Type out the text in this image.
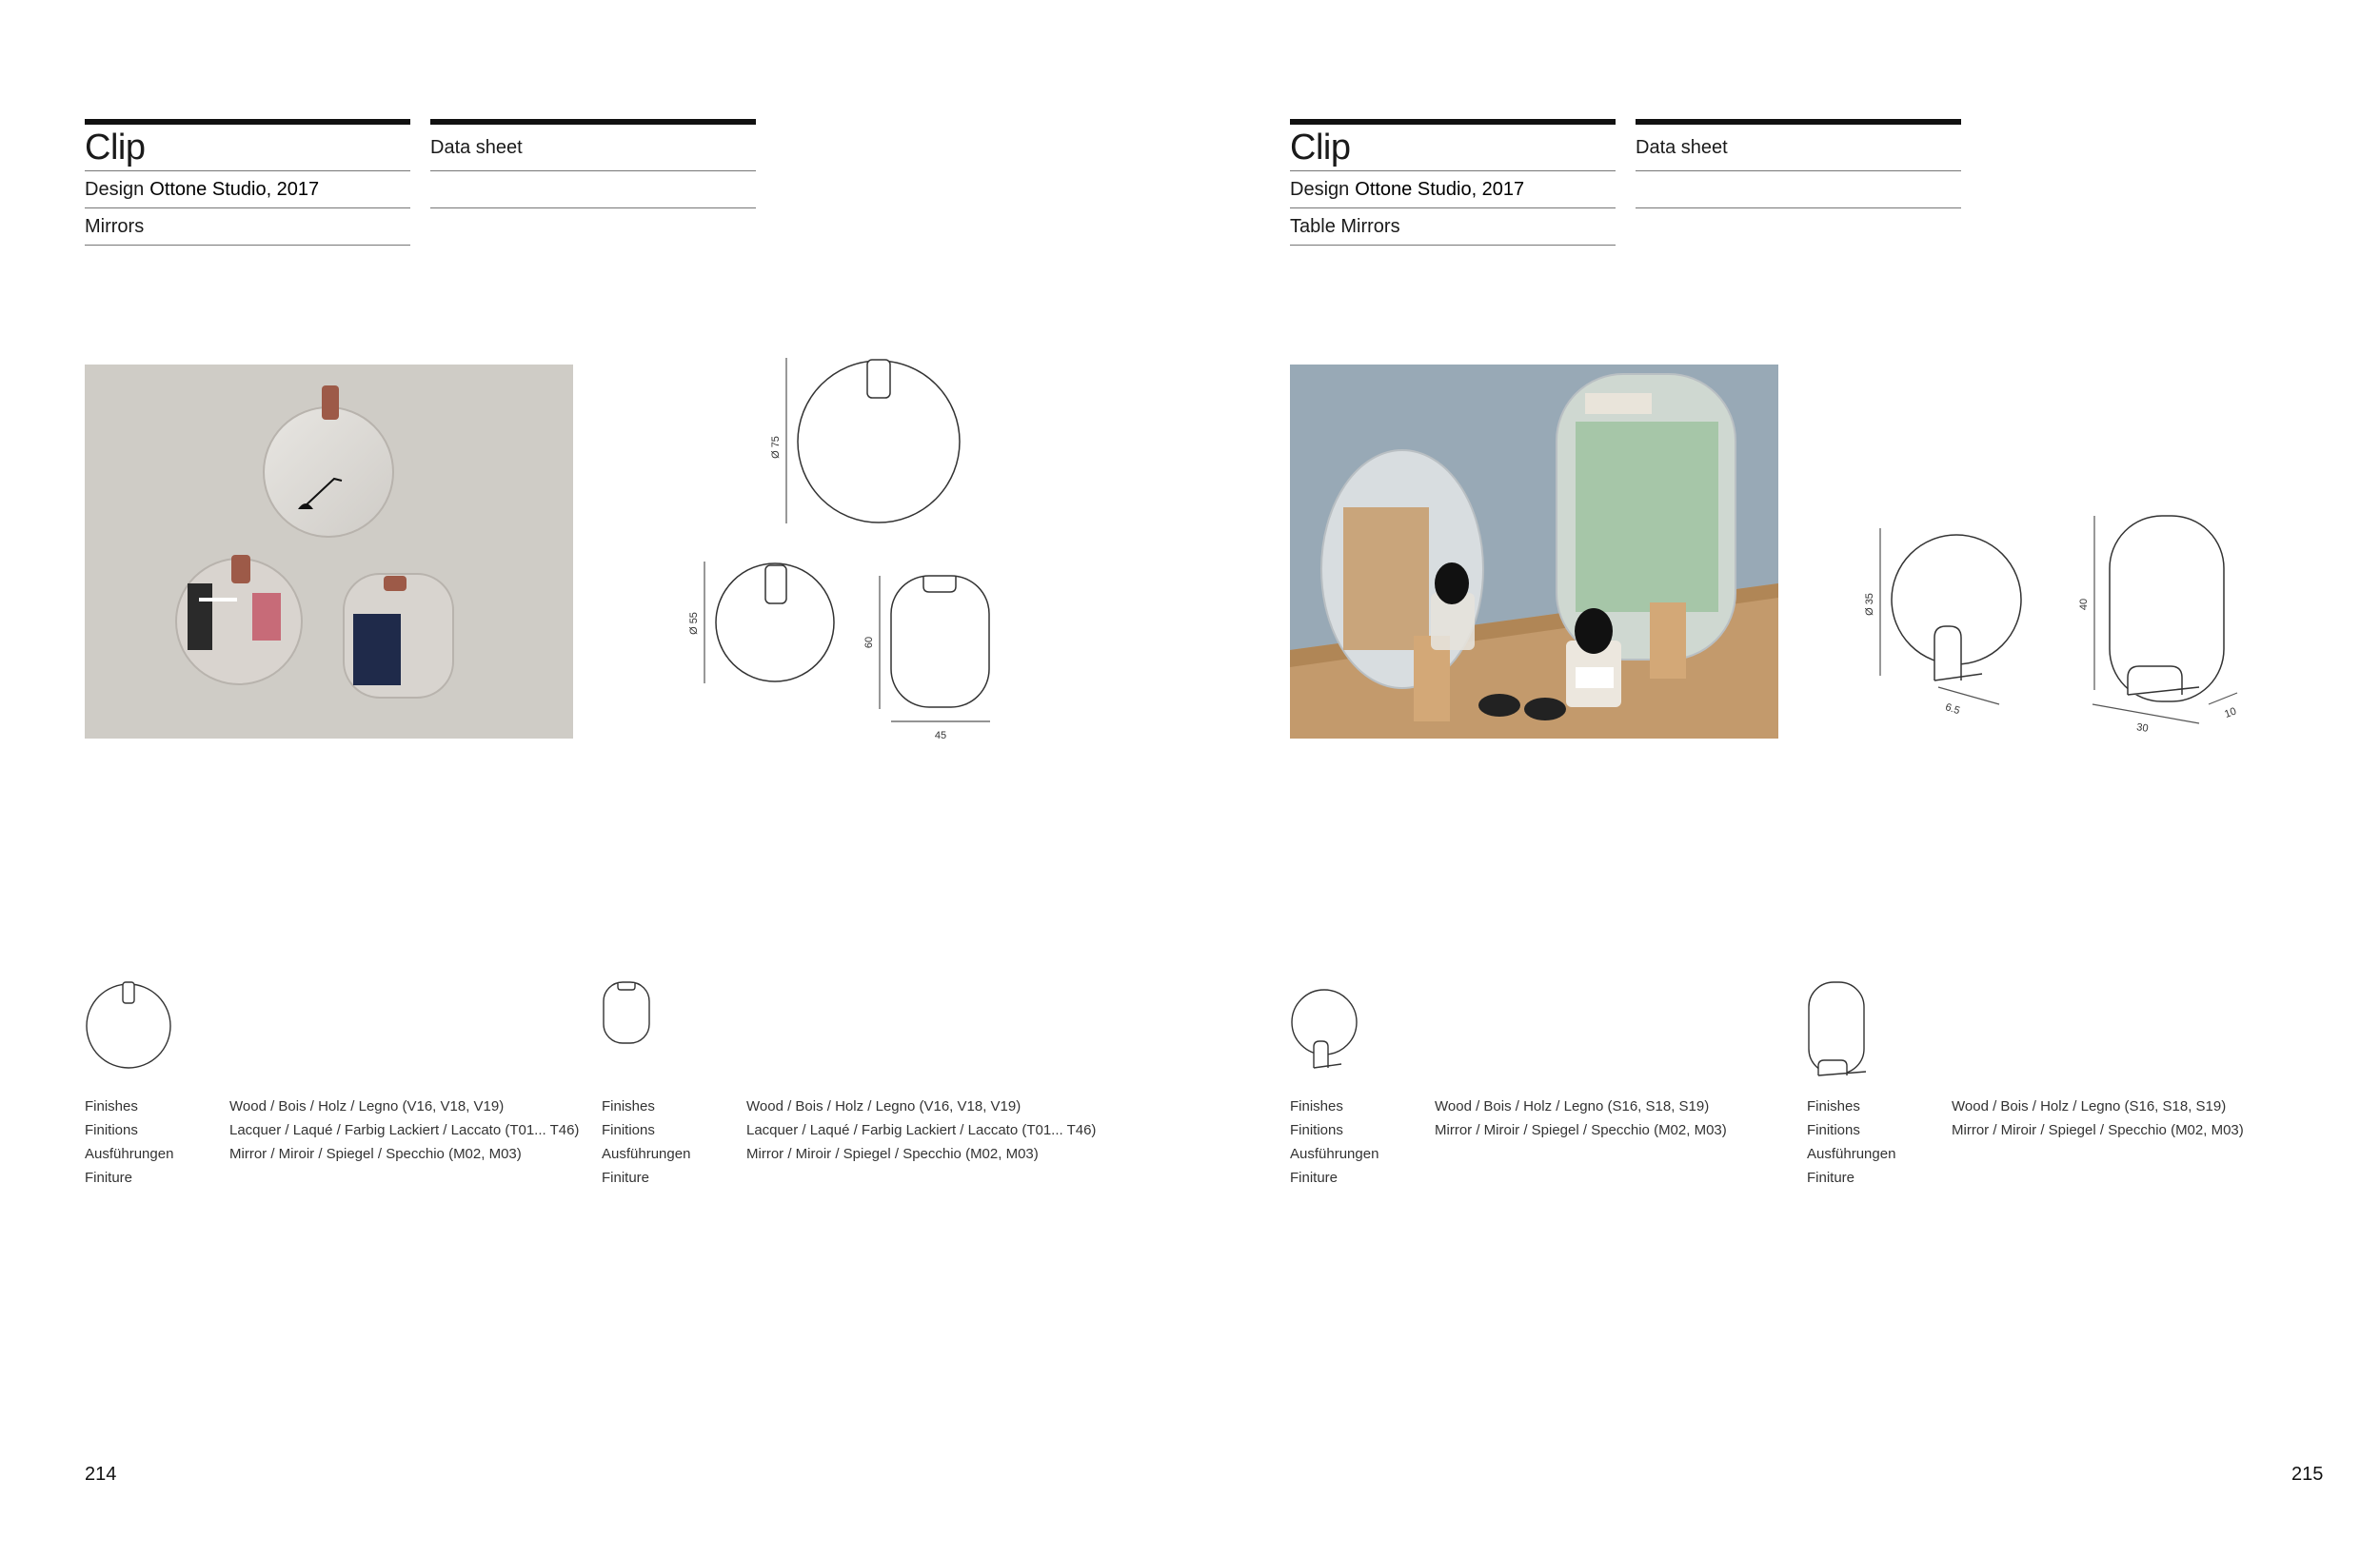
Clip
Design Ottone Studio, 2017
Mirrors
Data sheet
Ø 75
Ø 55
60
45
Finishes
Finitions
Ausführungen
Finiture
Wood / Bois / Holz / Legno (V16, V18, V19)
Lacquer / Laqué / Farbig Lackiert / Laccato (T01... T46)
Mirror / Miroir / Spiegel / Specchio (M02, M03)
Finishes
Finitions
Ausführungen
Finiture
Wood / Bois / Holz / Legno (V16, V18, V19)
Lacquer / Laqué / Farbig Lackiert / Laccato (T01... T46)
Mirror / Miroir / Spiegel / Specchio (M02, M03)
214
Clip
Design Ottone Studio, 2017
Table Mirrors
Data sheet
Ø 35
6.5
40
30
10
Finishes
Finitions
Ausführungen
Finiture
Wood / Bois / Holz / Legno (S16, S18, S19)
Mirror / Miroir / Spiegel / Specchio (M02, M03)
Finishes
Finitions
Ausführungen
Finiture
Wood / Bois / Holz / Legno (S16, S18, S19)
Mirror / Miroir / Spiegel / Specchio (M02, M03)
215
